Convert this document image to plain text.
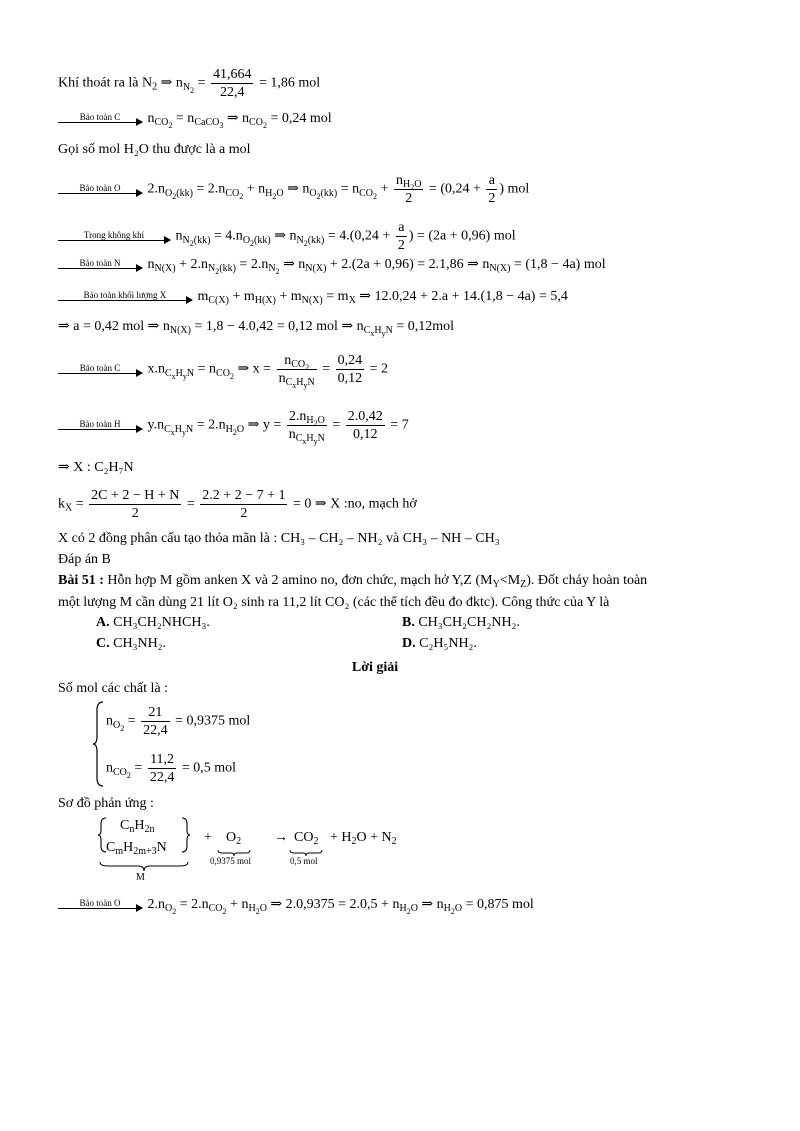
Khí thoát ra là $N_2$ ⇒ $n_{N_2} = \frac{41,664}{22,4} = 1,86$ mol
Bảo toàn C	$n_{CO_2} = n_{CaCO_3}$ ⇒ $n_{CO_2} = 0,24$ mol
Gọi số mol H₂O thu được là a mol
Bảo toàn O	$2.n_{O_2(kk)} = 2.n_{CO_2} + n_{H_2O}$ ⇒ $n_{O_2(kk)} = n_{CO_2} + \frac{n_{H_2O}}{2} = (0,24 + \frac{a}{2}$ ) mol
Trong không khí	$n_{N_2(kk)} = 4.n_{O_2(kk)}$ ⇒ $n_{N_2(kk)} = 4.(0,24 + \frac{a}{2}$ ) = (2a + 0,96) mol
Bảo toàn N	$n_{N(X)} + 2.n_{N_2(kk)} = 2.n_{N_2}$ ⇒ $n_{N(X)} + 2.(2a + 0,96) = 2.1,86$ ⇒ $n_{N(X)} = (1,8 - 4a)$ mol
Bảo toàn khối lượng X	$m_{C(X)} + m_{H(X)} + m_{N(X)} = m_X$ ⇒ 12.0,24 + 2.a + 14.(1,8 − 4a) = 5,4
⇒ a = 0,42 mol ⇒ $n_{N(X)} = 1,8 - 4.0,42 = 0,12$ mol ⇒ $n_{C_xH_yN} = 0,12mol$
Bảo toàn C	$x.n_{C_xH_yN} = n_{CO_2}$ ⇒ $x = \frac{n_{CO_2}}{n_{C_xH_yN}} = \frac{0,24}{0,12} = 2$
Bảo toàn H	$y.n_{C_xH_yN} = 2.n_{H_2O}$ ⇒ $y = \frac{2.n_{H_2O}}{n_{C_xH_yN}} = \frac{2.0,42}{0,12} = 7$
⇒ X : C₂H₇N
$k_X = \frac{2C + 2 - H + N}{2} = \frac{2.2 + 2 - 7 + 1}{2} = 0$ ⇒ X :no, mạch hở
X có 2 đồng phân cấu tạo thỏa mãn là : CH₃ – CH₂ – NH₂ và CH₃ – NH – CH₃
Đáp án B
Bài 51 : Hỗn hợp M gồm anken X và 2 amino no, đơn chức, mạch hở Y,Z $(M_Y<M_Z)$. Đốt cháy hoàn toàn
một lượng M cần dùng 21 lít O₂ sinh ra 11,2 lít CO₂ (các thể tích đều đo đktc). Công thức của Y là
A. CH₃CH₂NHCH₃.	B. CH₃CH₂CH₂NH₂.
C. CH₃NH₂.	D. C₂H₅NH₂.
Lời giải
Số mol các chất là :
$n_{O_2} = \frac{21}{22,4} = 0,9375$ mol
$n_{CO_2} = \frac{11,2}{22,4} = 0,5$ mol
Sơ đồ phản ứng :
$C_nH_{2n}$
$C_mH_{2m+3}N$
M
+ $O_2$
0,9375 mol
→ $CO_2$
0,5 mol
+ $H_2O + N_2$
Bảo toàn O	$2.n_{O_2} = 2.n_{CO_2} + n_{H_2O}$ ⇒ $2.0,9375 = 2.0,5 + n_{H_2O}$ ⇒ $n_{H_2O} = 0,875$ mol
